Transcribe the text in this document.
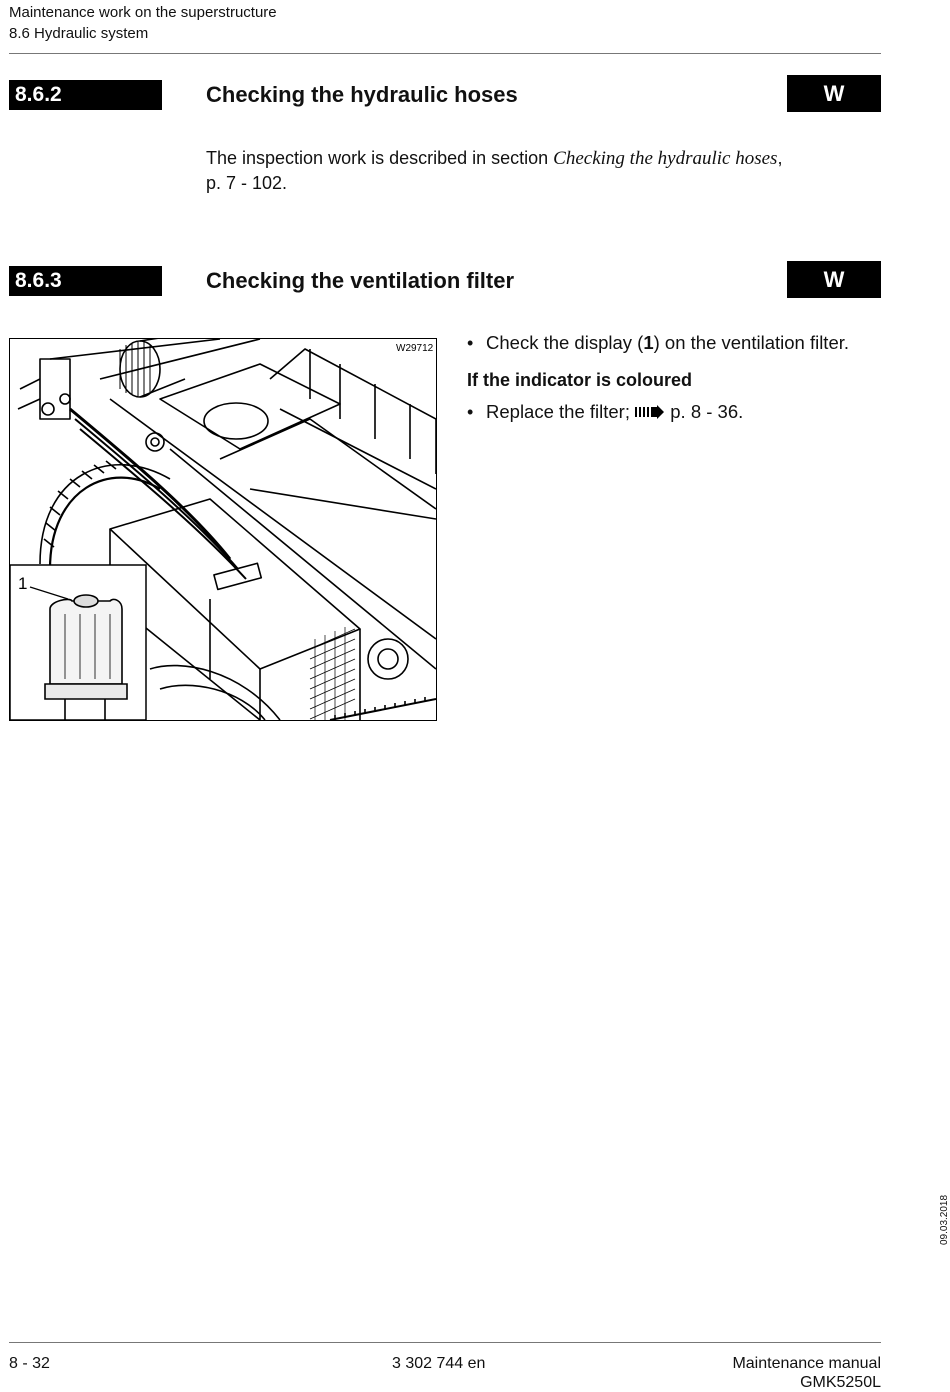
Maintenance work on the superstructure
8.6 Hydraulic system
8.6.2	Checking the hydraulic hoses	W
The inspection work is described in section Checking the hydraulic hoses,
p. 7 - 102.
8.6.3	Checking the ventilation filter	W
1
W29712 • Check the display (1) on the ventilation filter.
If the indicator is coloured
• Replace the filter;  p. 8 - 36.
09.03.2018
8 - 32	3 302 744 en	Maintenance manual
GMK5250L
